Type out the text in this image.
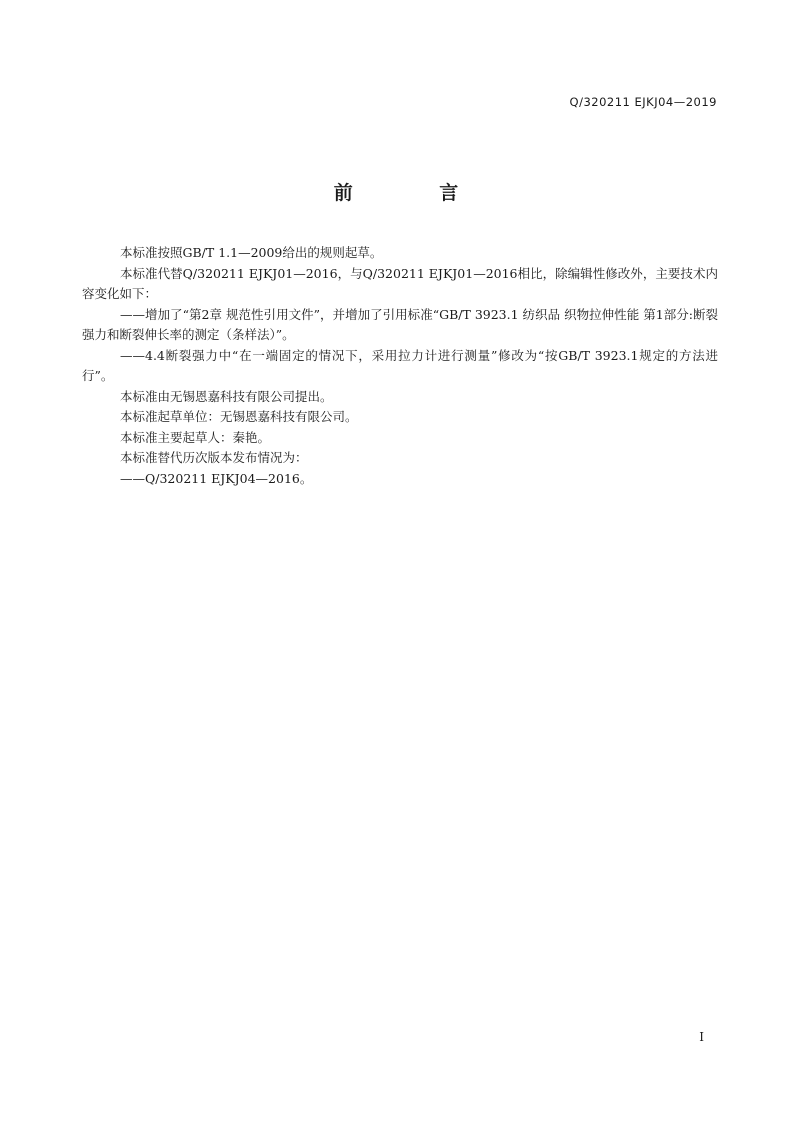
Q/320211 EJKJ04—2019
前 言

本标准按照GB/T 1.1—2009给出的规则起草。

本标准代替Q/320211 EJKJ01—2016，与Q/320211 EJKJ01—2016相比，除编辑性修改外，主要技术内容变化如下：

——增加了“第2章 规范性引用文件”，并增加了引用标准“GB/T 3923.1 纺织品 织物拉伸性能 第1部分:断裂强力和断裂伸长率的测定（条样法）”。

——4.4断裂强力中“在一端固定的情况下，采用拉力计进行测量”修改为“按GB/T 3923.1规定的方法进行”。

本标准由无锡恩嘉科技有限公司提出。

本标准起草单位：无锡恩嘉科技有限公司。

本标准主要起草人：秦艳。

本标准替代历次版本发布情况为：

——Q/320211 EJKJ04—2016。

I
